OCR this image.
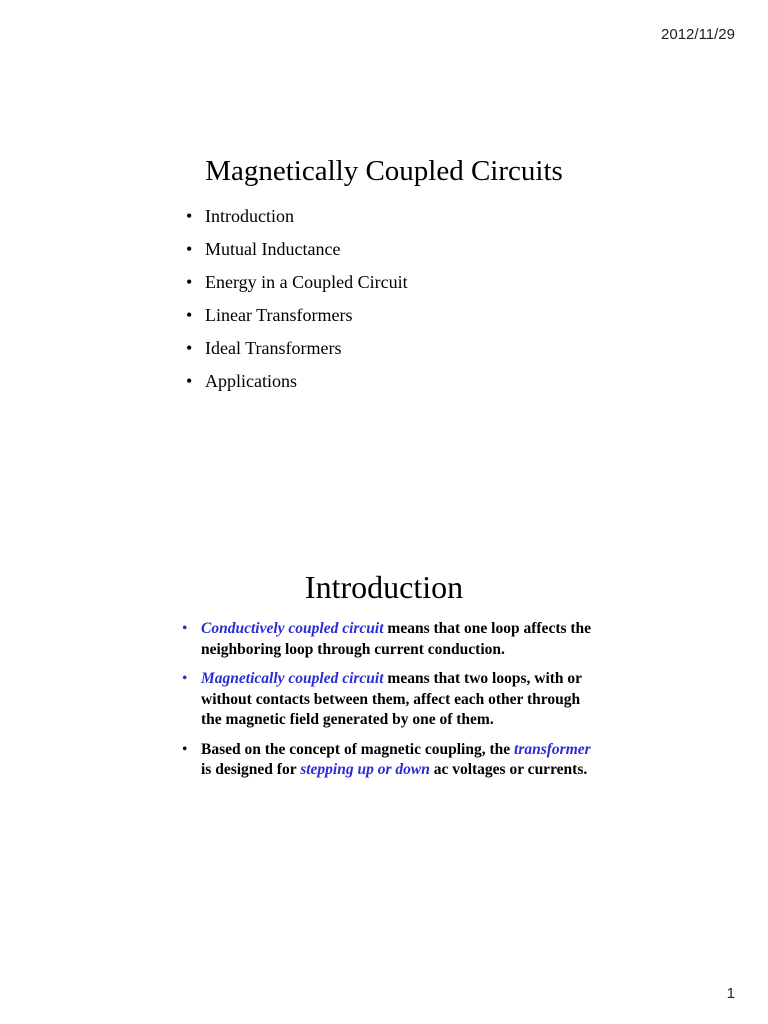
2012/11/29
Magnetically Coupled Circuits
• Introduction
• Mutual Inductance
• Energy in a Coupled Circuit
• Linear Transformers
• Ideal Transformers
• Applications
Introduction
• Conductively coupled circuit means that one loop affects the neighboring loop through current conduction.
• Magnetically coupled circuit means that two loops, with or without contacts between them, affect each other through the magnetic field generated by one of them.
• Based on the concept of magnetic coupling, the transformer is designed for stepping up or down ac voltages or currents.
1
